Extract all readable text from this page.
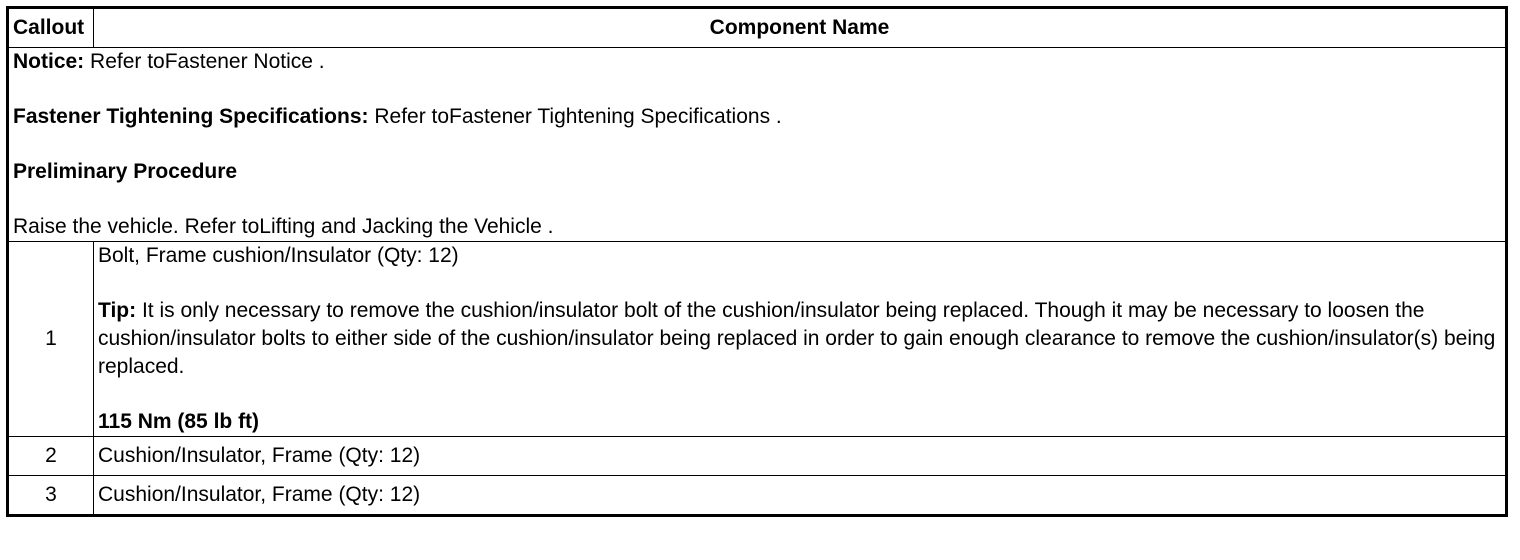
Callout	Component Name

Notice: Refer toFastener Notice .

Fastener Tightening Specifications: Refer toFastener Tightening Specifications .

Preliminary Procedure

Raise the vehicle. Refer toLifting and Jacking the Vehicle .	

1	Bolt, Frame cushion/Insulator (Qty: 12)

Tip: It is only necessary to remove the cushion/insulator bolt of the cushion/insulator being replaced. Though it may be necessary to loosen the cushion/insulator bolts to either side of the cushion/insulator being replaced in order to gain enough clearance to remove the cushion/insulator(s) being replaced.

115 Nm (85 lb ft)

2	Cushion/Insulator, Frame (Qty: 12)
3	Cushion/Insulator, Frame (Qty: 12)
